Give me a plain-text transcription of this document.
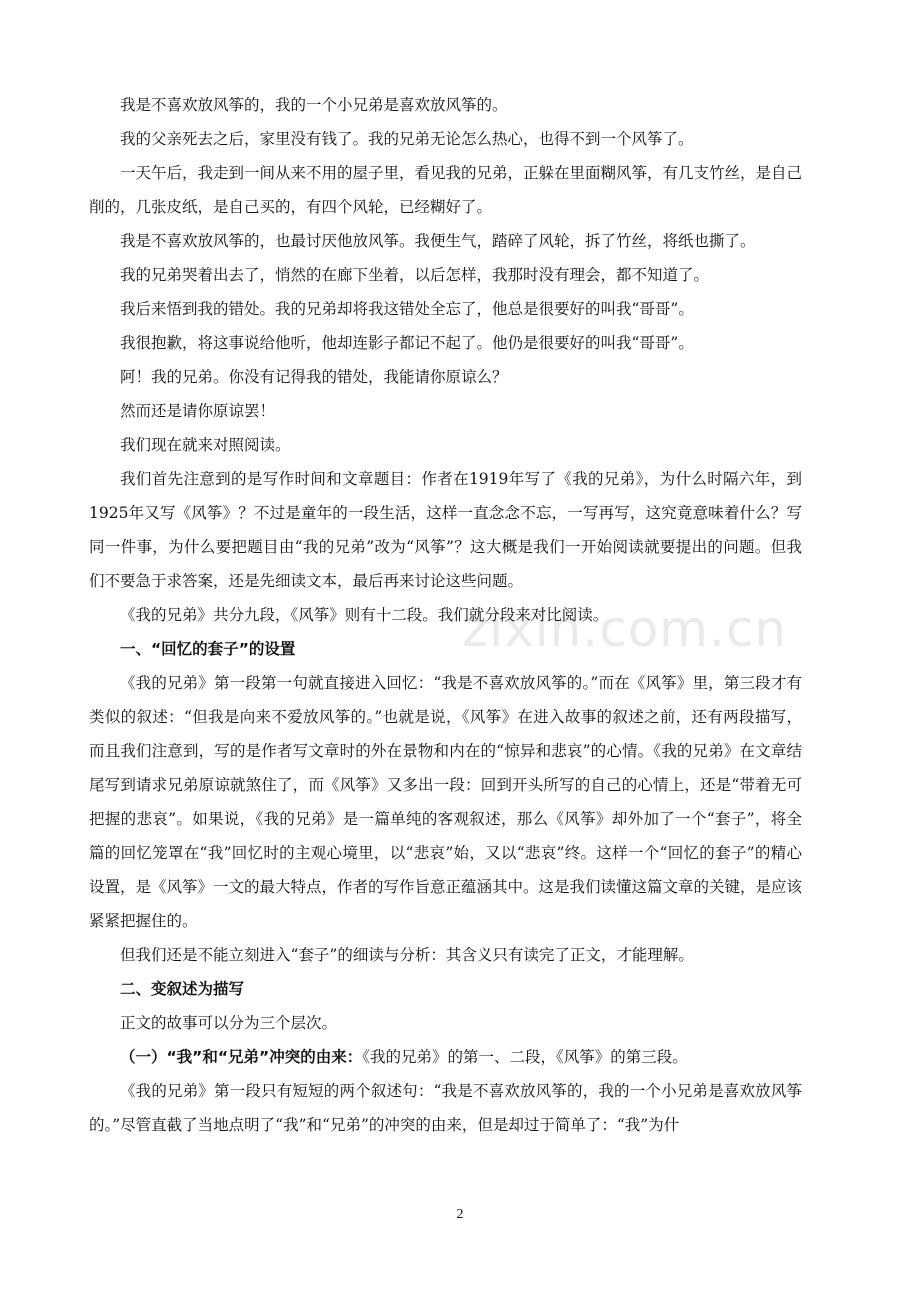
zixin.com.cn

我是不喜欢放风筝的，我的一个小兄弟是喜欢放风筝的。

我的父亲死去之后，家里没有钱了。我的兄弟无论怎么热心，也得不到一个风筝了。

一天午后，我走到一间从来不用的屋子里，看见我的兄弟，正躲在里面糊风筝，有几支竹丝，是自己削的，几张皮纸，是自己买的，有四个风轮，已经糊好了。

我是不喜欢放风筝的，也最讨厌他放风筝。我便生气，踏碎了风轮，拆了竹丝，将纸也撕了。

我的兄弟哭着出去了，悄然的在廊下坐着，以后怎样，我那时没有理会，都不知道了。

我后来悟到我的错处。我的兄弟却将我这错处全忘了，他总是很要好的叫我“哥哥”。

我很抱歉，将这事说给他听，他却连影子都记不起了。他仍是很要好的叫我“哥哥”。

阿！我的兄弟。你没有记得我的错处，我能请你原谅么？

然而还是请你原谅罢！

我们现在就来对照阅读。

我们首先注意到的是写作时间和文章题目：作者在1919年写了《我的兄弟》，为什么时隔六年，到1925年又写《风筝》？不过是童年的一段生活，这样一直念念不忘，一写再写，这究竟意味着什么？写同一件事，为什么要把题目由“我的兄弟”改为“风筝”？这大概是我们一开始阅读就要提出的问题。但我们不要急于求答案，还是先细读文本，最后再来讨论这些问题。

《我的兄弟》共分九段，《风筝》则有十二段。我们就分段来对比阅读。

一、“回忆的套子”的设置

《我的兄弟》第一段第一句就直接进入回忆：“我是不喜欢放风筝的。”而在《风筝》里，第三段才有类似的叙述：“但我是向来不爱放风筝的。”也就是说，《风筝》在进入故事的叙述之前，还有两段描写，而且我们注意到，写的是作者写文章时的外在景物和内在的“惊异和悲哀”的心情。《我的兄弟》在文章结尾写到请求兄弟原谅就煞住了，而《风筝》又多出一段：回到开头所写的自己的心情上，还是“带着无可把握的悲哀”。如果说，《我的兄弟》是一篇单纯的客观叙述，那么《风筝》却外加了一个“套子”，将全篇的回忆笼罩在“我”回忆时的主观心境里，以“悲哀”始，又以“悲哀”终。这样一个“回忆的套子”的精心设置，是《风筝》一文的最大特点，作者的写作旨意正蕴涵其中。这是我们读懂这篇文章的关键，是应该紧紧把握住的。

但我们还是不能立刻进入“套子”的细读与分析：其含义只有读完了正文，才能理解。

二、变叙述为描写

正文的故事可以分为三个层次。

（一）“我”和“兄弟”冲突的由来：《我的兄弟》的第一、二段，《风筝》的第三段。

《我的兄弟》第一段只有短短的两个叙述句：“我是不喜欢放风筝的，我的一个小兄弟是喜欢放风筝的。”尽管直截了当地点明了“我”和“兄弟”的冲突的由来，但是却过于简单了：“我”为什

2
